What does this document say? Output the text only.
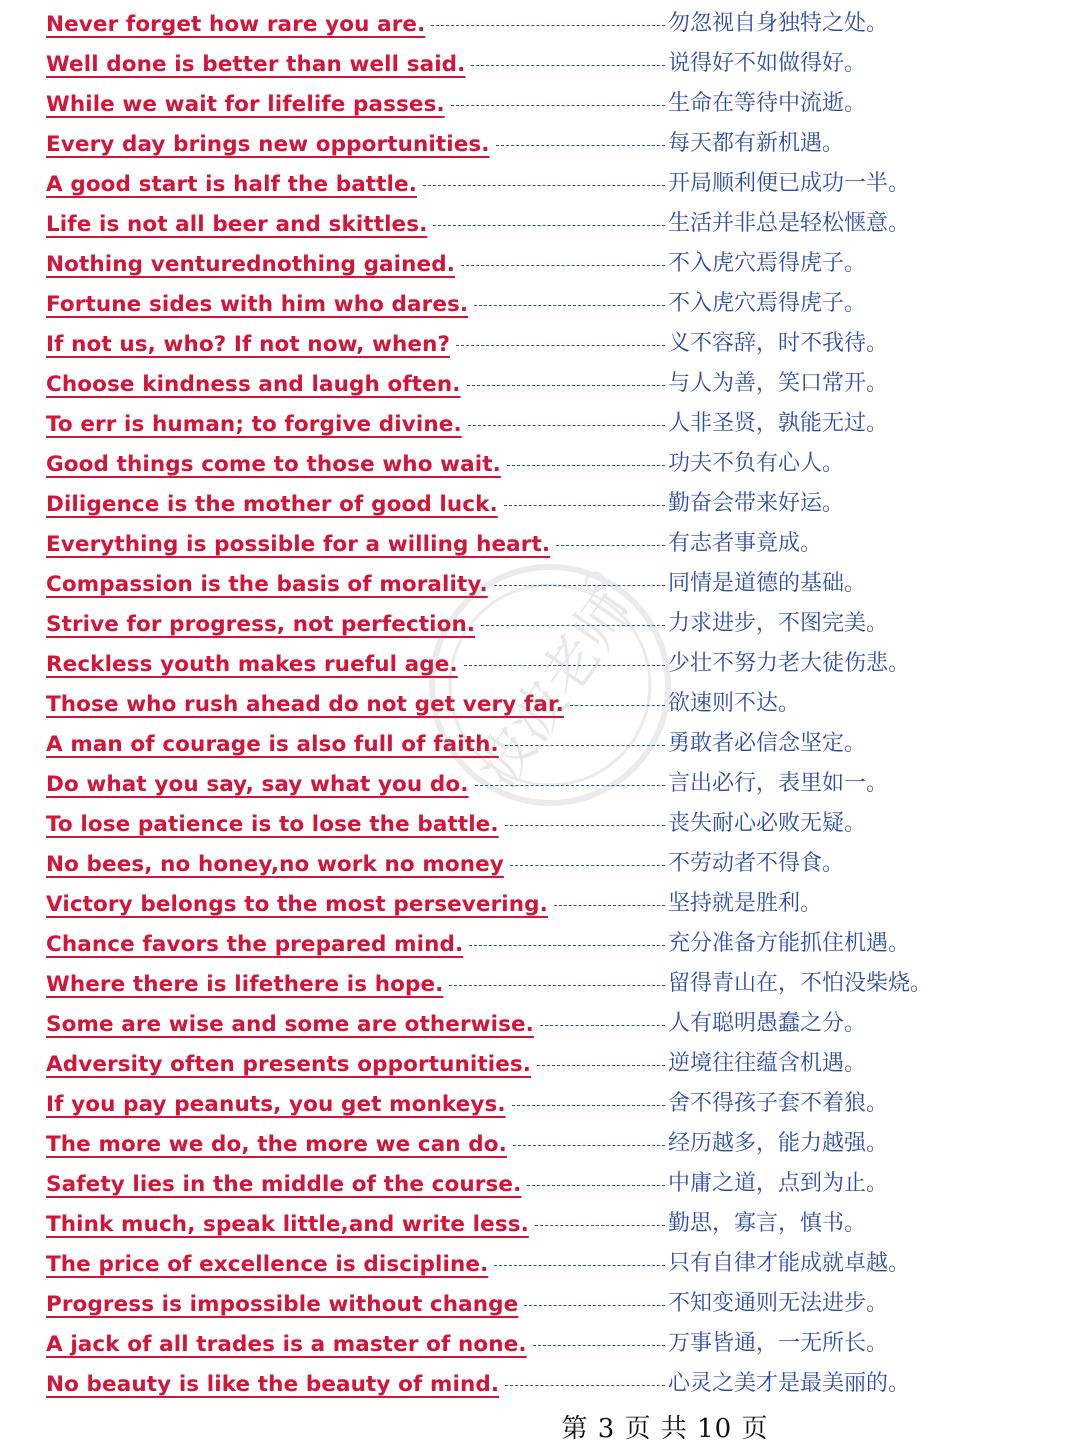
Never forget how rare you are.	勿忽视自身独特之处。
Well done is better than well said.	说得好不如做得好。
While we wait for lifelife passes.	生命在等待中流逝。
Every day brings new opportunities.	每天都有新机遇。
A good start is half the battle.	开局顺利便已成功一半。
Life is not all beer and skittles.	生活并非总是轻松惬意。
Nothing venturednothing gained.	不入虎穴焉得虎子。
Fortune sides with him who dares.	不入虎穴焉得虎子。
If not us, who? If not now, when?	义不容辞，时不我待。
Choose kindness and laugh often.	与人为善，笑口常开。
To err is human; to forgive divine.	人非圣贤，孰能无过。
Good things come to those who wait.	功夫不负有心人。
Diligence is the mother of good luck.	勤奋会带来好运。
Everything is possible for a willing heart.	有志者事竟成。
Compassion is the basis of morality.	同情是道德的基础。
Strive for progress, not perfection.	力求进步，不图完美。
Reckless youth makes rueful age.	少壮不努力老大徒伤悲。
Those who rush ahead do not get very far.	欲速则不达。
A man of courage is also full of faith.	勇敢者必信念坚定。
Do what you say, say what you do.	言出必行，表里如一。
To lose patience is to lose the battle.	丧失耐心必败无疑。
No bees, no honey,no work no money	不劳动者不得食。
Victory belongs to the most persevering.	坚持就是胜利。
Chance favors the prepared mind.	充分准备方能抓住机遇。
Where there is lifethere is hope.	留得青山在，不怕没柴烧。
Some are wise and some are otherwise.	人有聪明愚蠢之分。
Adversity often presents opportunities.	逆境往往蕴含机遇。
If you pay peanuts, you get monkeys.	舍不得孩子套不着狼。
The more we do, the more we can do.	经历越多，能力越强。
Safety lies in the middle of the course.	中庸之道，点到为止。
Think much, speak little,and write less.	勤思，寡言，慎书。
The price of excellence is discipline.	只有自律才能成就卓越。
Progress is impossible without change	不知变通则无法进步。
A jack of all trades is a master of none.	万事皆通，一无所长。
No beauty is like the beauty of mind.	心灵之美才是最美丽的。
波波老师
第 3 页 共 10 页
